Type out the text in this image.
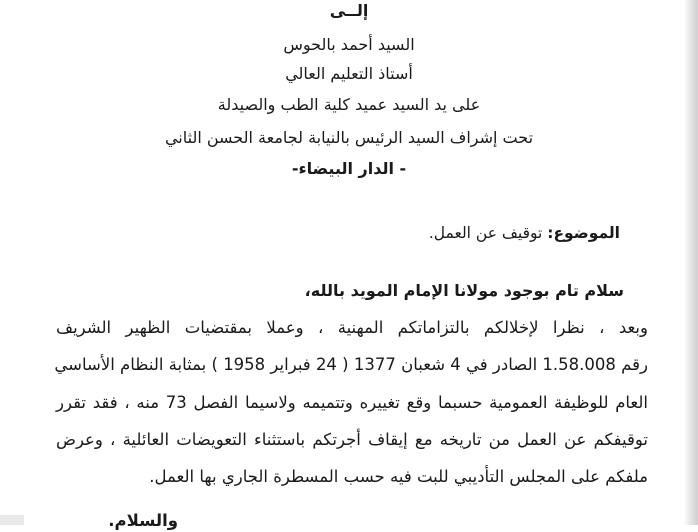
إلــى
السيد أحمد بالحوس
أستاذ التعليم العالي
على يد السيد عميد كلية الطب والصيدلة
تحت إشراف السيد الرئيس بالنيابة لجامعة الحسن الثاني
- الدار البيضاء-
الموضوع: توقيف عن العمل.
سلام تام بوجود مولانا الإمام المويد بالله،
وبعد ، نظرا لإخلالكم بالتزاماتكم المهنية ، وعملا بمقتضيات الظهير الشريف
رقم 1.58.008 الصادر في 4 شعبان 1377 ( 24 فبراير 1958 ) بمثابة النظام الأساسي
العام للوظيفة العمومية حسبما وقع تغييره وتتميمه ولاسيما الفصل 73 منه ، فقد تقرر
توقيفكم عن العمل من تاريخه مع إيقاف أجرتكم باستثناء التعويضات العائلية ، وعرض
ملفكم على المجلس التأديبي للبت فيه حسب المسطرة الجاري بها العمل.
والسلام.
